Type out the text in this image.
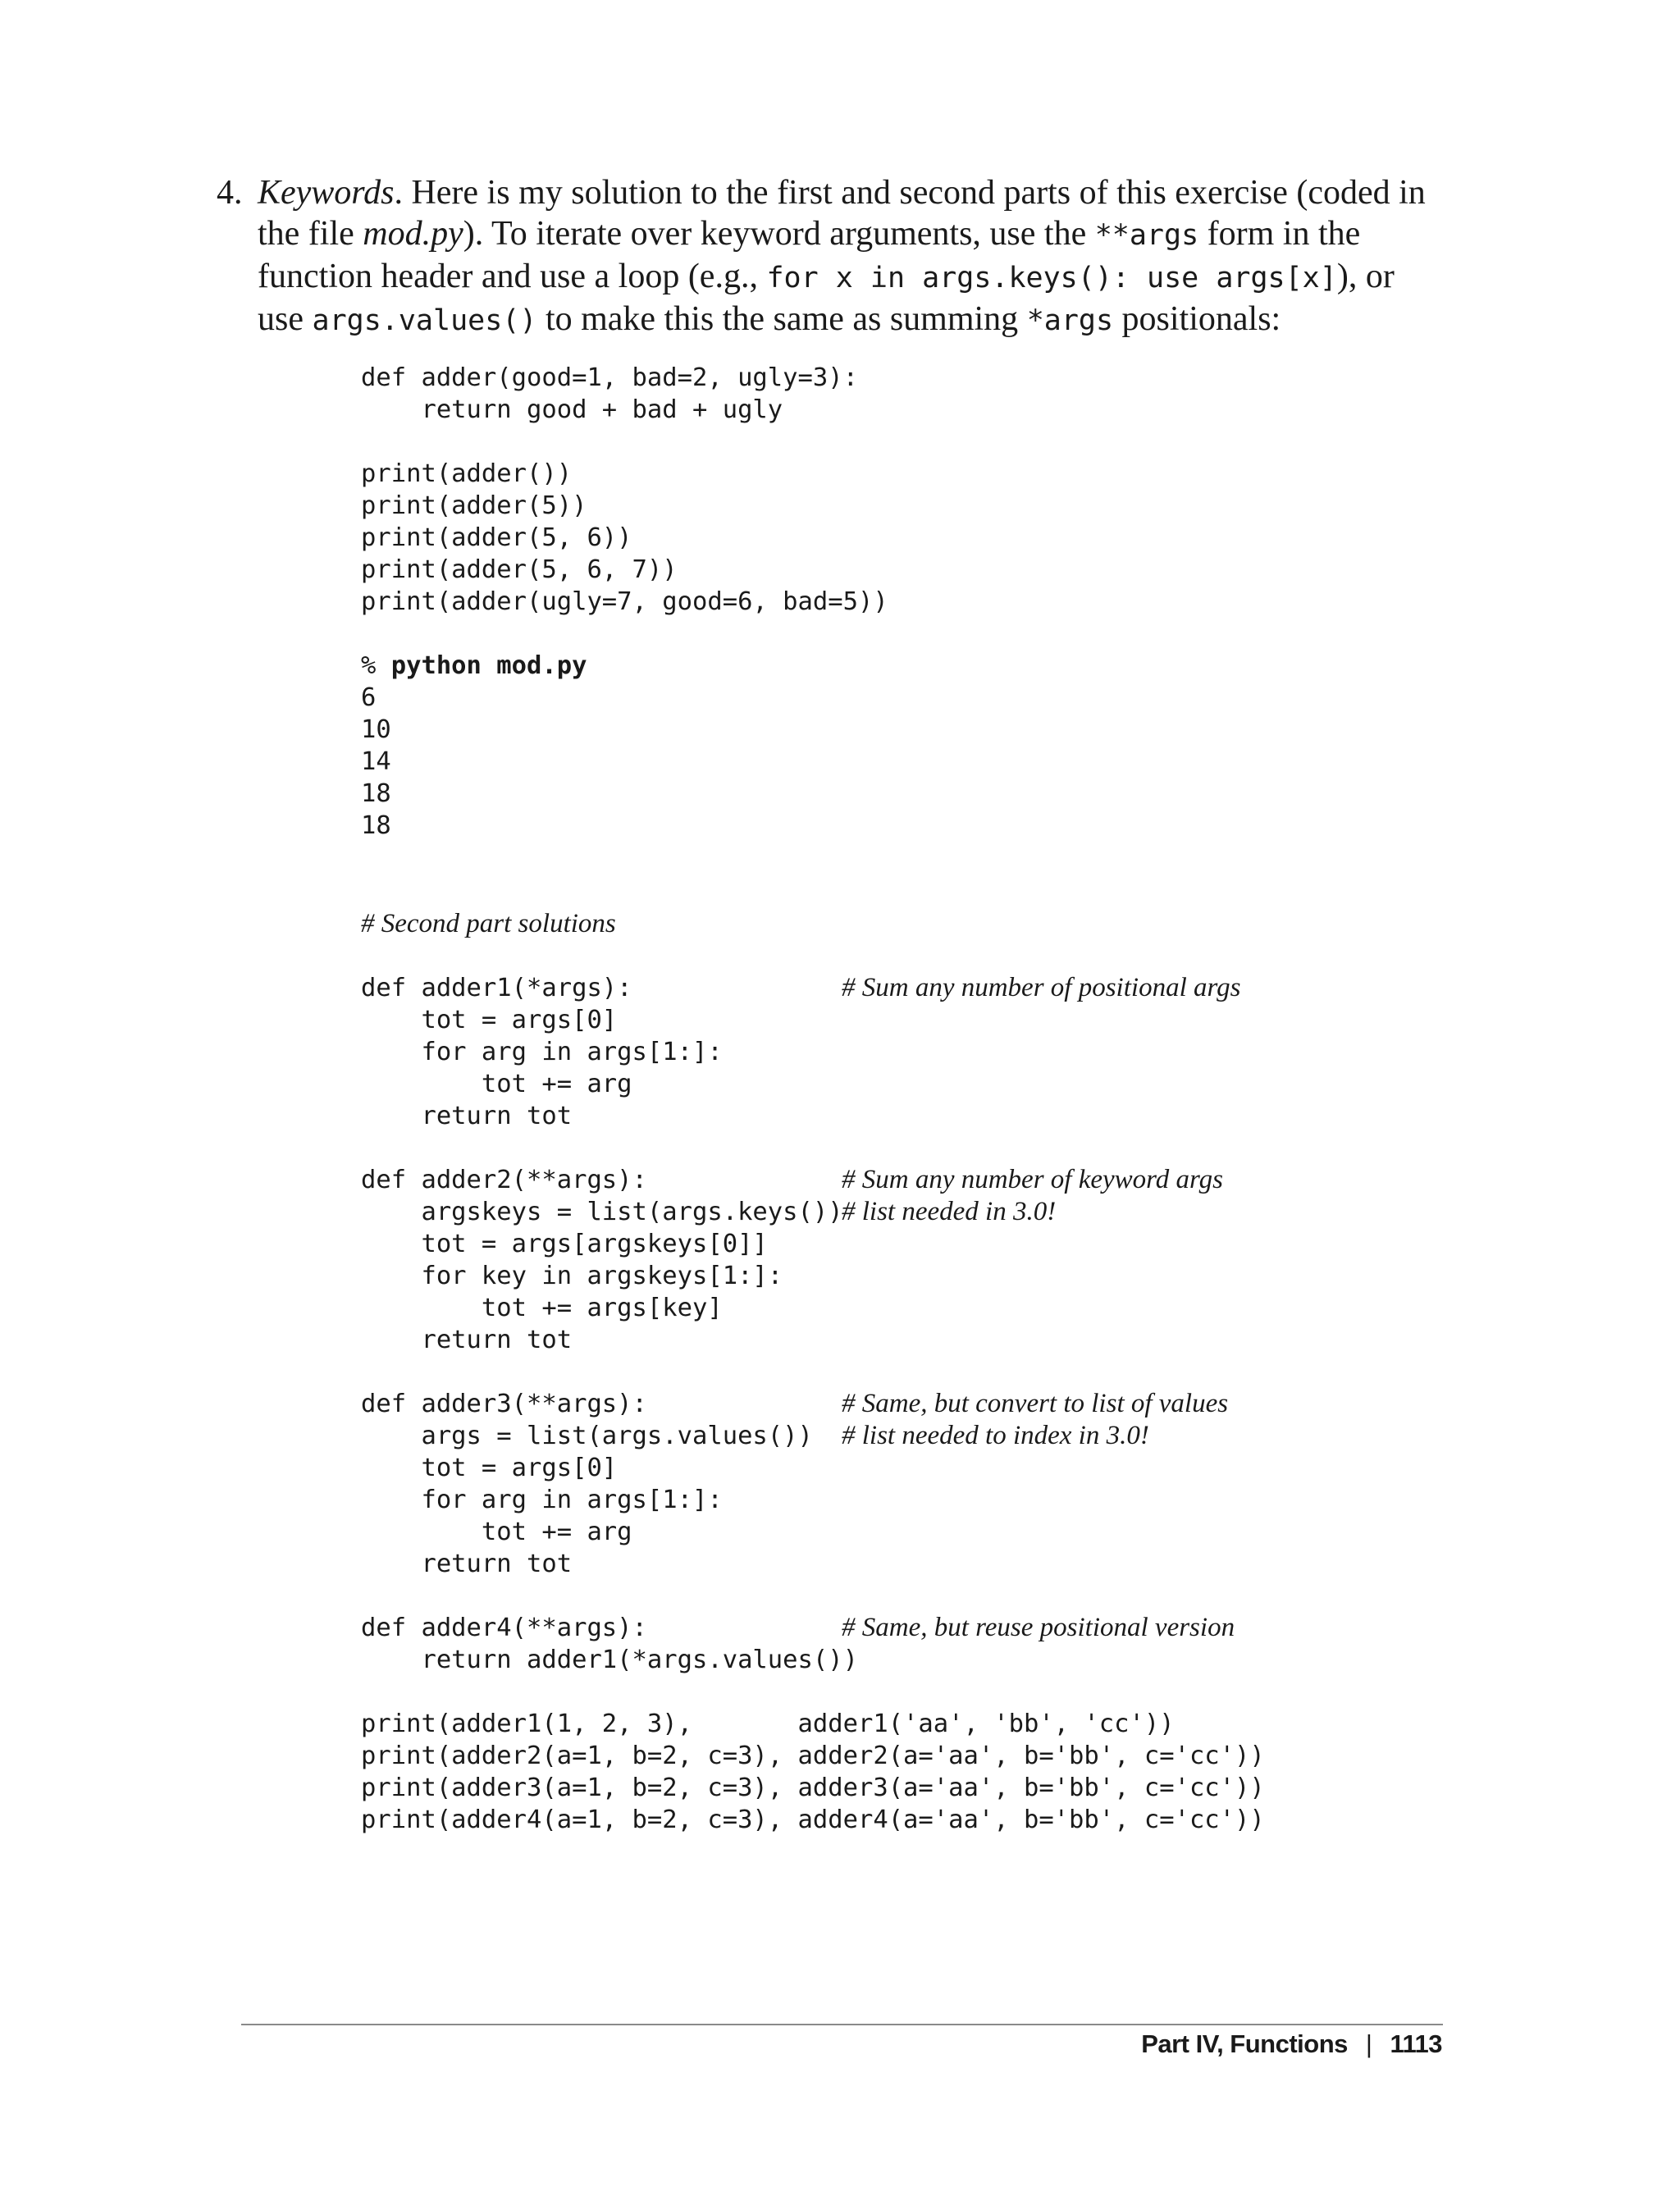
4. Keywords. Here is my solution to the first and second parts of this exercise (coded in the file mod.py). To iterate over keyword arguments, use the **args form in the function header and use a loop (e.g., for x in args.keys(): use args[x]), or use args.values() to make this the same as summing *args positionals:

def adder(good=1, bad=2, ugly=3):
return good + bad + ugly
print(adder())
print(adder(5))
print(adder(5, 6))
print(adder(5, 6, 7))
print(adder(ugly=7, good=6, bad=5))
% python mod.py
6
10
14
18
18
# Second part solutions
def adder1(*args):	# Sum any number of positional args
tot = args[0]
for arg in args[1:]:
tot += arg
return tot
def adder2(**args):	# Sum any number of keyword args
argskeys = list(args.keys())
# list needed in 3.0!
tot = args[argskeys[0]]
for key in argskeys[1:]:
tot += args[key]
return tot
def adder3(**args):	# Same, but convert to list of values
args = list(args.values()) # list needed to index in 3.0!
tot = args[0]
for arg in args[1:]:
tot += arg
return tot
def adder4(**args):	# Same, but reuse positional version
return adder1(*args.values())
print(adder1(1, 2, 3),       adder1('aa', 'bb', 'cc'))
print(adder2(a=1, b=2, c=3), adder2(a='aa', b='bb', c='cc'))
print(adder3(a=1, b=2, c=3), adder3(a='aa', b='bb', c='cc'))
print(adder4(a=1, b=2, c=3), adder4(a='aa', b='bb', c='cc'))
Part IV, Functions | 1113
